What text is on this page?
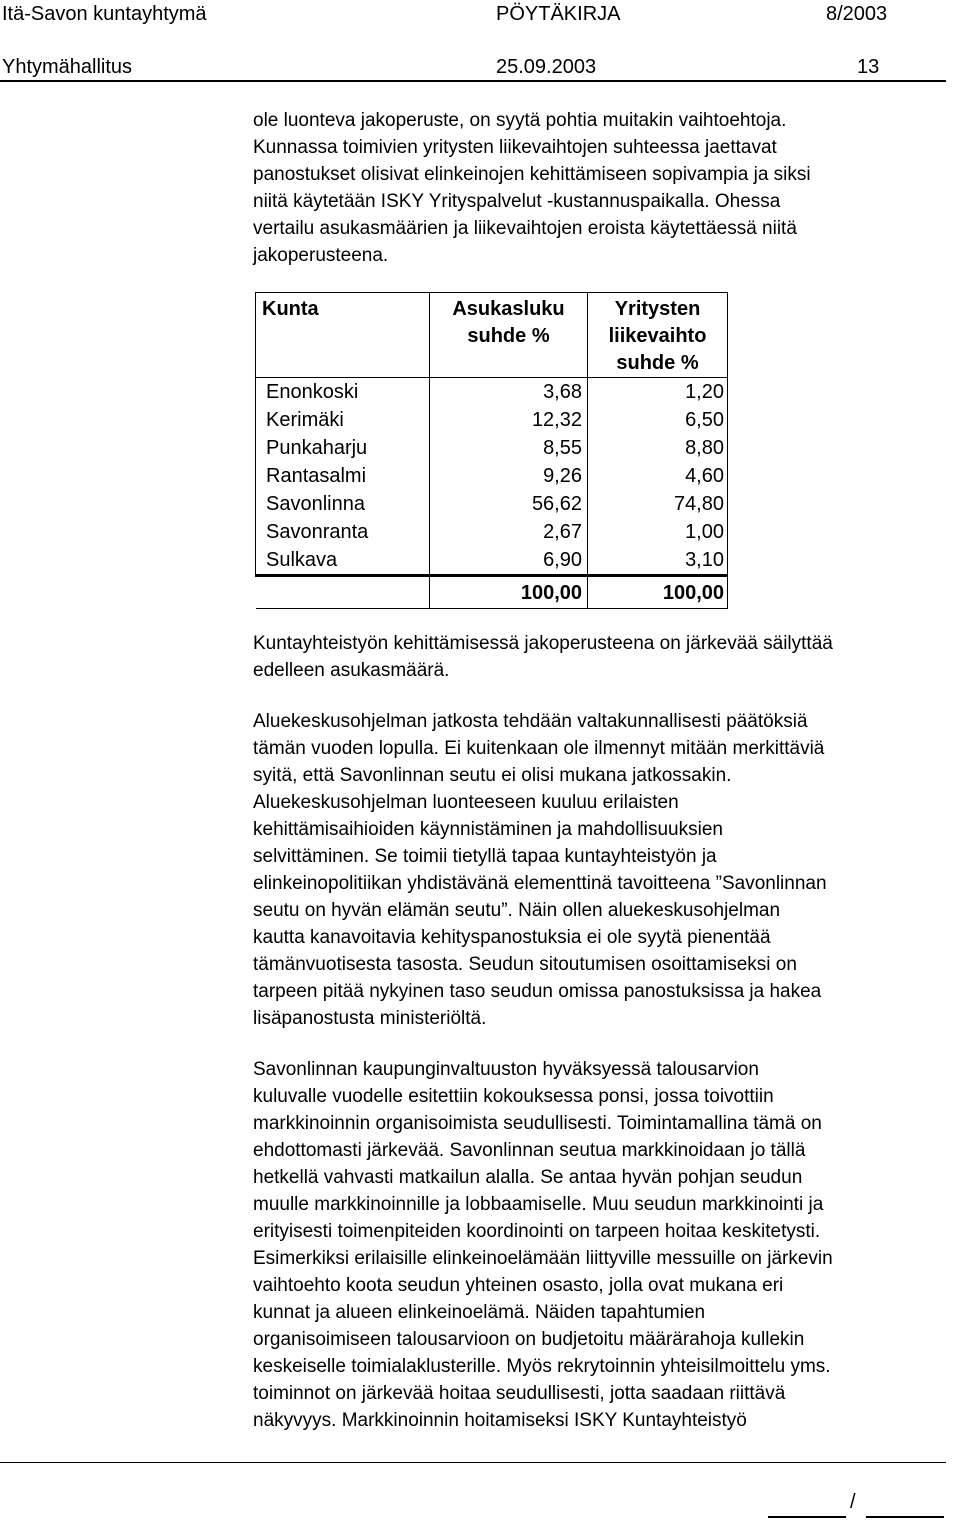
Itä-Savon kuntayhtymä	PÖYTÄKIRJA	8/2003
Yhtymähallitus	25.09.2003	13
ole luonteva jakoperuste, on syytä pohtia muitakin vaihtoehtoja.
Kunnassa toimivien yritysten liikevaihtojen suhteessa jaettavat
panostukset olisivat elinkeinojen kehittämiseen sopivampia ja siksi
niitä käytetään ISKY Yrityspalvelut -kustannuspaikalla. Ohessa
vertailu asukasmäärien ja liikevaihtojen eroista käytettäessä niitä
jakoperusteena.
Kunta	Asukasluku suhde %	Yritysten liikevaihto suhde %
Enonkoski	3,68	1,20
Kerimäki	12,32	6,50
Punkaharju	8,55	8,80
Rantasalmi	9,26	4,60
Savonlinna	56,62	74,80
Savonranta	2,67	1,00
Sulkava	6,90	3,10
	100,00	100,00
Kuntayhteistyön kehittämisessä jakoperusteena on järkevää säilyttää
edelleen asukasmäärä.
Aluekeskusohjelman jatkosta tehdään valtakunnallisesti päätöksiä
tämän vuoden lopulla. Ei kuitenkaan ole ilmennyt mitään merkittäviä
syitä, että Savonlinnan seutu ei olisi mukana jatkossakin.
Aluekeskusohjelman luonteeseen kuuluu erilaisten
kehittämisaihioiden käynnistäminen ja mahdollisuuksien
selvittäminen. Se toimii tietyllä tapaa kuntayhteistyön ja
elinkeinopolitiikan yhdistävänä elementtinä tavoitteena ”Savonlinnan
seutu on hyvän elämän seutu”. Näin ollen aluekeskusohjelman
kautta kanavoitavia kehityspanostuksia ei ole syytä pienentää
tämänvuotisesta tasosta. Seudun sitoutumisen osoittamiseksi on
tarpeen pitää nykyinen taso seudun omissa panostuksissa ja hakea
lisäpanostusta ministeriöltä.
Savonlinnan kaupunginvaltuuston hyväksyessä talousarvion
kuluvalle vuodelle esitettiin kokouksessa ponsi, jossa toivottiin
markkinoinnin organisoimista seudullisesti. Toimintamallina tämä on
ehdottomasti järkevää. Savonlinnan seutua markkinoidaan jo tällä
hetkellä vahvasti matkailun alalla. Se antaa hyvän pohjan seudun
muulle markkinoinnille ja lobbaamiselle. Muu seudun markkinointi ja
erityisesti toimenpiteiden koordinointi on tarpeen hoitaa keskitetysti.
Esimerkiksi erilaisille elinkeinoelämään liittyville messuille on järkevin
vaihtoehto koota seudun yhteinen osasto, jolla ovat mukana eri
kunnat ja alueen elinkeinoelämä. Näiden tapahtumien
organisoimiseen talousarvioon on budjetoitu määrärahoja kullekin
keskeiselle toimialaklusterille. Myös rekrytoinnin yhteisilmoittelu yms.
toiminnot on järkevää hoitaa seudullisesti, jotta saadaan riittävä
näkyvyys. Markkinoinnin hoitamiseksi ISKY Kuntayhteistyö
/
